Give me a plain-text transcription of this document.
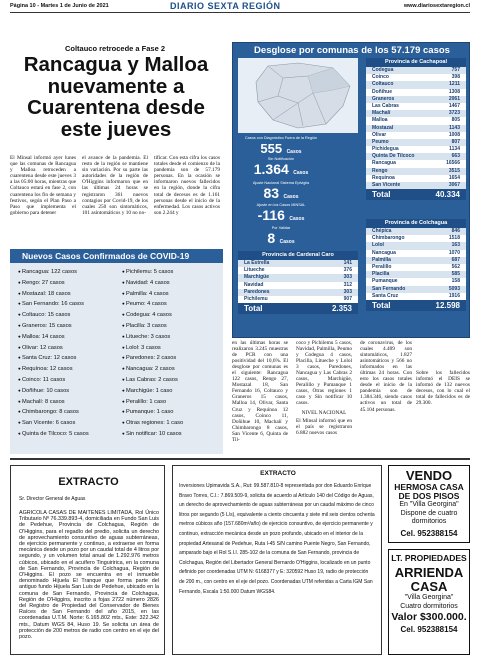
Página 10 - Martes 1 de Junio de 2021	DIARIO SEXTA REGIÓN	www.diariosextaregion.cl
Coltauco retrocede a Fase 2
Rancagua y Malloa nuevamente a Cuarentena desde este jueves
El Minsal informó ayer lunes que las comunas de Rancagua y Malloa retroceden a cuarentena desde este jueves 3 a las 05:00 horas, mientras que Coltauco estará en fase 2, con cuarentena los fin de semana y festivos, según el Plan Paso a Paso que implementa el gobierno para detener
el avance de la pandemia. El resto de la región se mantiene sin variación. Por su parte las autoridades de la región de O'Higgins informaron que en las últimas 24 horas se registraron 361 nuevos contagios por Covid-19, de los cuales 250 son sintomáticos, 101 asintomáticos y 10 no no-
tificar. Con esta cifra los casos totales desde el comienzo de la pandemia son de 57.179 personas. En la ocasión se informaron nuevos fallecidos en la región, donde la cifra total de decesos es de 1.161 personas desde el inicio de la enfermedad. Los casos activos son 2.244 y
Desglose por comunas de los 57.179 casos
Casos con Diagnóstico Fuera de la Región
555 Casos
Sin Notificación
1.364 Casos
Ajuste Nacional Sistema Epivigila
83 Casos
Ajuste en los Casos MINSAL
-116 Casos
Por Validar
8 Casos
Provincia de Cachapoal
Codegua	757
Coinco	398
Coltauco	1211
Doñihue	1308
Graneros	2061
Las Cabras	1467
Machalí	3723
Malloa	805
Mostazal	1143
Olivar	1008
Peumo	807
Pichidegua	1134
Quinta De Tilcoco	663
Rancagua	16566
Rengo	3515
Requinoa	1654
San Vicente	3067
Total	40.334
Provincia de Colchagua
Chépica	846
Chimbarongo	1518
Lolol	163
Nancagua	1070
Palmilla	687
Peralillo	562
Placilla	585
Pumanque	158
San Fernando	5093
Santa Cruz	1916
Total	12.598
Provincia de Cardenal Caro
La Estrella	141
Litueche	376
Marchigüe	303
Navidad	312
Paredones	303
Pichilemu	907
Total	2.353
Nuevos Casos Confirmados de COVID-19
● Rancagua: 122 casos
● Rengo: 27 casos
● Mostazal: 18 casos
● San Fernando: 16 casos
● Coltauco: 15 casos
● Graneros: 15 casos
● Malloa: 14 casos
● Olivar: 12 casos
● Santa Cruz: 12 casos
● Requínoa: 12 casos
● Coinco: 11 casos
● Doñihue: 10 casos
● Machalí: 8 casos
● Chimbarongo: 8 casos
● San Vicente: 6 casos
● Quinta de Tilcoco: 5 casos
● Pichilemu: 5 casos
● Navidad: 4 casos
● Palmilla: 4 casos
● Peumo: 4 casos
● Codegua: 4 casos
● Placilla: 3 casos
● Litueche: 3 casos
● Lolol: 3 casos
● Paredones: 2 casos
● Nancagua: 2 casos
● Las Cabras: 2 casos
● Marchigüe: 1 caso
● Peralillo: 1 caso
● Pumanque: 1 caso
● Otras regiones: 1 caso
● Sin notificar: 10 casos
en las últimas horas se realizaron 3.245 muestras de PCR con una positividad del 10,6%. El desglose por comunas es el siguiente: Rancagua 122 casos, Rengo 27, Mostazal 18, San Fernando 16, Coltauco y Graneros 15 casos, Malloa 14, Olivar, Santa Cruz y Requínoa 12 casos, Coinco 11, Doñihue 10, Machalí y Chimbarongo 8 casos, San Vicente 6, Quinta de Til-
coco y Pichilemu 5 casos, Navidad, Palmilla, Peumo y Codegua 4 casos, Placilla, Litueche y Lolol 3 casos, Paredones, Nancagua y Las Cabras 2 casos, Marchigüe, Peralillo y Pumanque 1 casos, Otras regiones 1 caso y Sin notificar 10 casos.
NIVEL NACIONAL
El Minsal informó que en el país se registraron 6.882 nuevos casos
de coronavirus, de los cuales 4.409 son sintomáticos, 1.827 asintomáticos y 566 no informados en las últimas 24 horas. Con esto los casos totales desde el inicio de la pandemia son de 1.384.346, siendo casos activos un total de 45.104 personas.
Sobre los fallecidos informó el DEIS se informó de 132 nuevos decesos, con lo cual el total de fallecidos es de 29.300.
EXTRACTO
Sr. Director General de Aguas
AGRICOLA CASAS DE MAITENES LIMITADA, Rol Único Tributario Nº 76.339.893-4, domiciliada en Fundo San Luis de Pedehue, Provincia de Colchagua, Región de O'Higgins, para el regadío del predio, solicita un derecho de aprovechamiento consuntivo de aguas subterráneas, de ejercicio permanente y continuo, a extraerse en forma mecánica desde un pozo por un caudal total de 4 litros por segundo, y un volumen total anual de 1.292.976 metros cúbicos, ubicado en el acuífero Tinguiririca, en la comuna de San Fernando, Provincia de Colchagua, Región de O'Higgins. El pozo se encuentra en el inmueble denominado Hijuela El Tranque que forma parte del antiguo fundo Hijuela San Luis de Pedehue, ubicado en la comuna de San Fernando, Provincia de Colchagua, Región de O'Higgins, inscrito a fojas 2722 número 2826 del Registro de Propiedad del Conservador de Bienes Raíces de San Fernando del año 2015, en las coordenadas U.T.M. Norte: 6.165.802 mts., Este: 322.342 mts., Datum WGS 84, Huso 19. Se solicita un área de protección de 200 metros de radio con centro en el eje del pozo.
EXTRACTO
Inversiones Upimavida S.A., Rut: 99.587.810-8 representada por don Eduardo Enrique Bravo Torres, C.I.: 7.869.509-9, solicita de acuerdo al Artículo 140 del Código de Aguas, un derecho de aprovechamiento de aguas subterráneas por un caudal máximo de cinco litros por segundo (5 L/s), equivalente a ciento cincuenta y siete mil seis cientos ochenta metros cúbicos año (157.680m³/año) de ejercicio consuntivo, de ejercicio permanente y continuo, extracción mecánica desde un pozo profundo, ubicado en el interior de la propiedad Artesanal de Pedehue, Ruta I-45 S/N camino Puente Negro, San Fernando, amparado bajo el Rol S.I.I. 285-102 de la comuna de San Fernando, provincia de Colchagua, Región del Libertador General Bernardo O'Higgins, localizado en un punto definido por coordenadas UTM N: 6168377 y E: 320592 Huso 19, radio de protección de 200 m., con centro en el eje del pozo. Coordenadas UTM referidas a Carta IGM San Fernando, Escala 1:50.000 Datum WGS84.
VENDO
HERMOSA CASA DE DOS PISOS
En "Villa Georgina"
Dispone de cuatro dormitorios
Cel. 952388154
LT. PROPIEDADES
ARRIENDA CASA
"Villa Georgina"
Cuatro dormitorios
Valor $300.000.
Cel. 952388154
